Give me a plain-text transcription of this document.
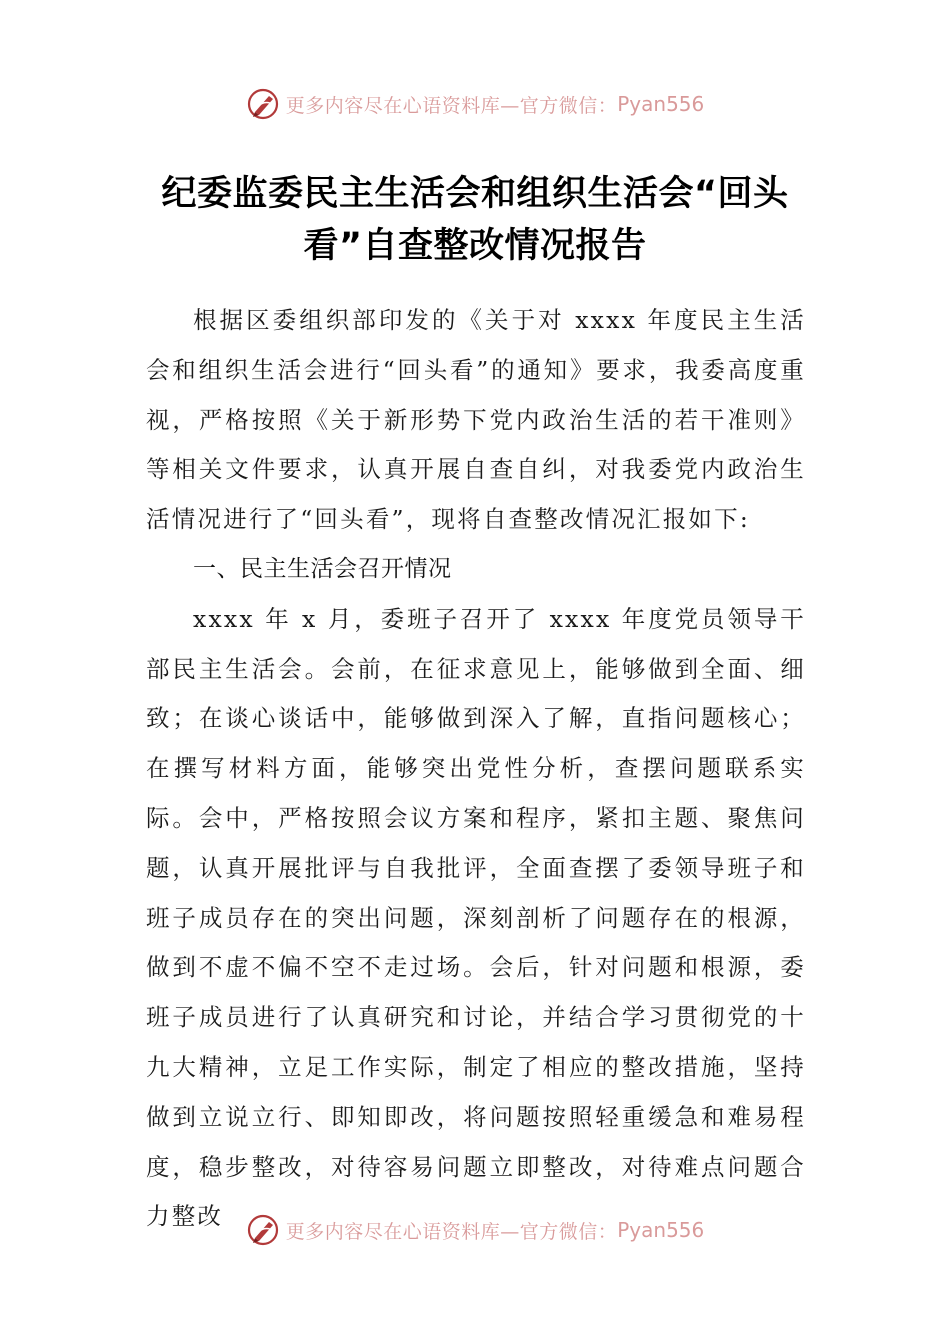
更多内容尽在心语资料库—官方微信： Pyan556
纪委监委民主生活会和组织生活会“回头看”自查整改情况报告

根据区委组织部印发的《关于对 xxxx 年度民主生活会和组织生活会进行“回头看”的通知》要求，我委高度重视，严格按照《关于新形势下党内政治生活的若干准则》等相关文件要求，认真开展自查自纠，对我委党内政治生活情况进行了“回头看”，现将自查整改情况汇报如下:

一、民主生活会召开情况

xxxx 年 x 月，委班子召开了 xxxx 年度党员领导干部民主生活会。会前，在征求意见上，能够做到全面、细致；在谈心谈话中，能够做到深入了解，直指问题核心；在撰写材料方面，能够突出党性分析，查摆问题联系实际。会中，严格按照会议方案和程序，紧扣主题、聚焦问题，认真开展批评与自我批评，全面查摆了委领导班子和班子成员存在的突出问题，深刻剖析了问题存在的根源，做到不虚不偏不空不走过场。会后，针对问题和根源，委班子成员进行了认真研究和讨论，并结合学习贯彻党的十九大精神，立足工作实际，制定了相应的整改措施，坚持做到立说立行、即知即改，将问题按照轻重缓急和难易程度，稳步整改，对待容易问题立即整改，对待难点问题合力整改

更多内容尽在心语资料库—官方微信： Pyan556
